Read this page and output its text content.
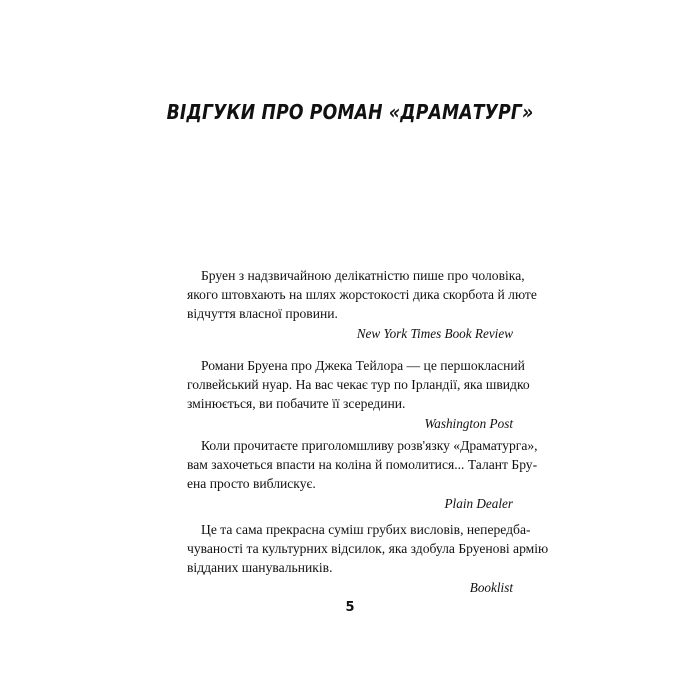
ВІДГУКИ ПРО РОМАН «ДРАМАТУРГ»
Бруен з надзвичайною делікатністю пише про чоловіка,
якого штовхають на шлях жорстокості дика скорбота й люте
відчуття власної провини.
New York Times Book Review
Романи Бруена про Джека Тейлора — це першокласний
голвейський нуар. На вас чекає тур по Ірландії, яка швидко
змінюється, ви побачите її зсередини.
Washington Post
Коли прочитаєте приголомшливу розв'язку «Драматурга»,
вам захочеться впасти на коліна й помолитися... Талант Бру-
ена просто виблискує.
Plain Dealer
Це та сама прекрасна суміш грубих висловів, непередба-
чуваності та культурних відсилок, яка здобула Бруенові армію
відданих шанувальників.
Booklist
5
